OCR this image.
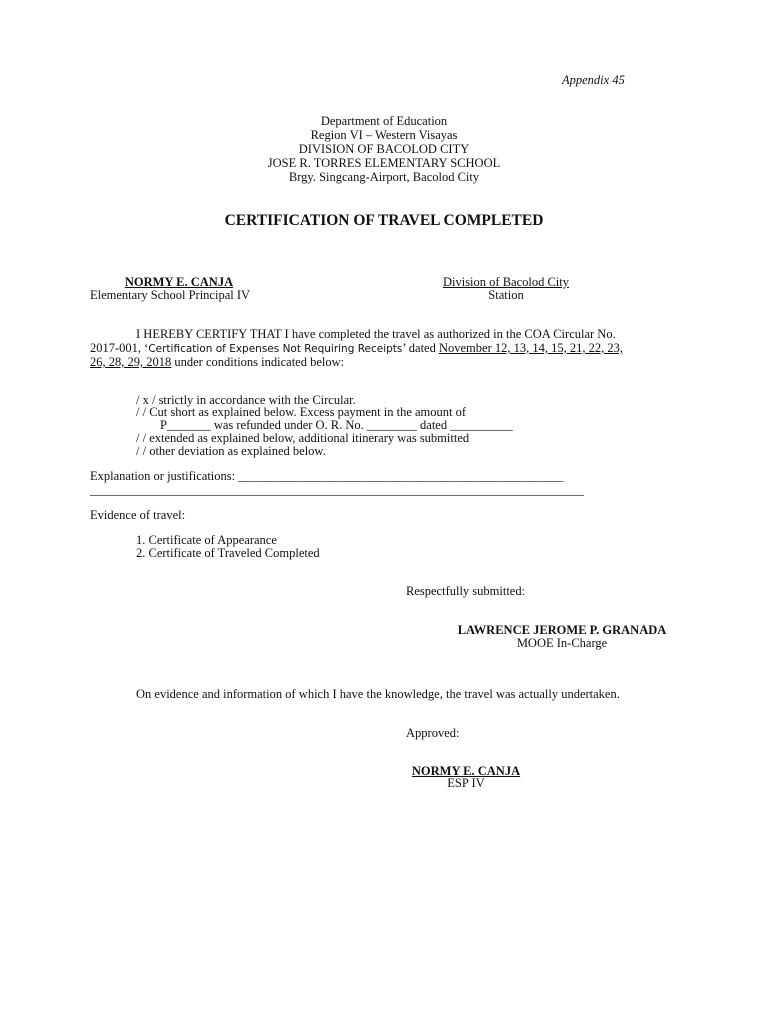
Appendix 45
Department of Education
Region VI – Western Visayas
DIVISION OF BACOLOD CITY
JOSE R. TORRES ELEMENTARY SCHOOL
Brgy. Singcang-Airport, Bacolod City
CERTIFICATION OF TRAVEL COMPLETED
NORMY E. CANJA
Elementary School Principal IV
Division of Bacolod City
Station
I HEREBY CERTIFY THAT I have completed the travel as authorized in the COA Circular No.
2017-001, ‘Certification of Expenses Not Requiring Receipts’ dated November 12, 13, 14, 15, 21, 22, 23,
26, 28, 29, 2018 under conditions indicated below:
/ x / strictly in accordance with the Circular.
/ / Cut short as explained below. Excess payment in the amount of
P_______ was refunded under O. R. No. ________ dated __________
/ / extended as explained below, additional itinerary was submitted
/ / other deviation as explained below.
Explanation or justifications: ____________________________________________________
_______________________________________________________________________________
Evidence of travel:
1. Certificate of Appearance
2. Certificate of Traveled Completed
Respectfully submitted:
LAWRENCE JEROME P. GRANADA
MOOE In-Charge
On evidence and information of which I have the knowledge, the travel was actually undertaken.
Approved:
NORMY E. CANJA
ESP IV
